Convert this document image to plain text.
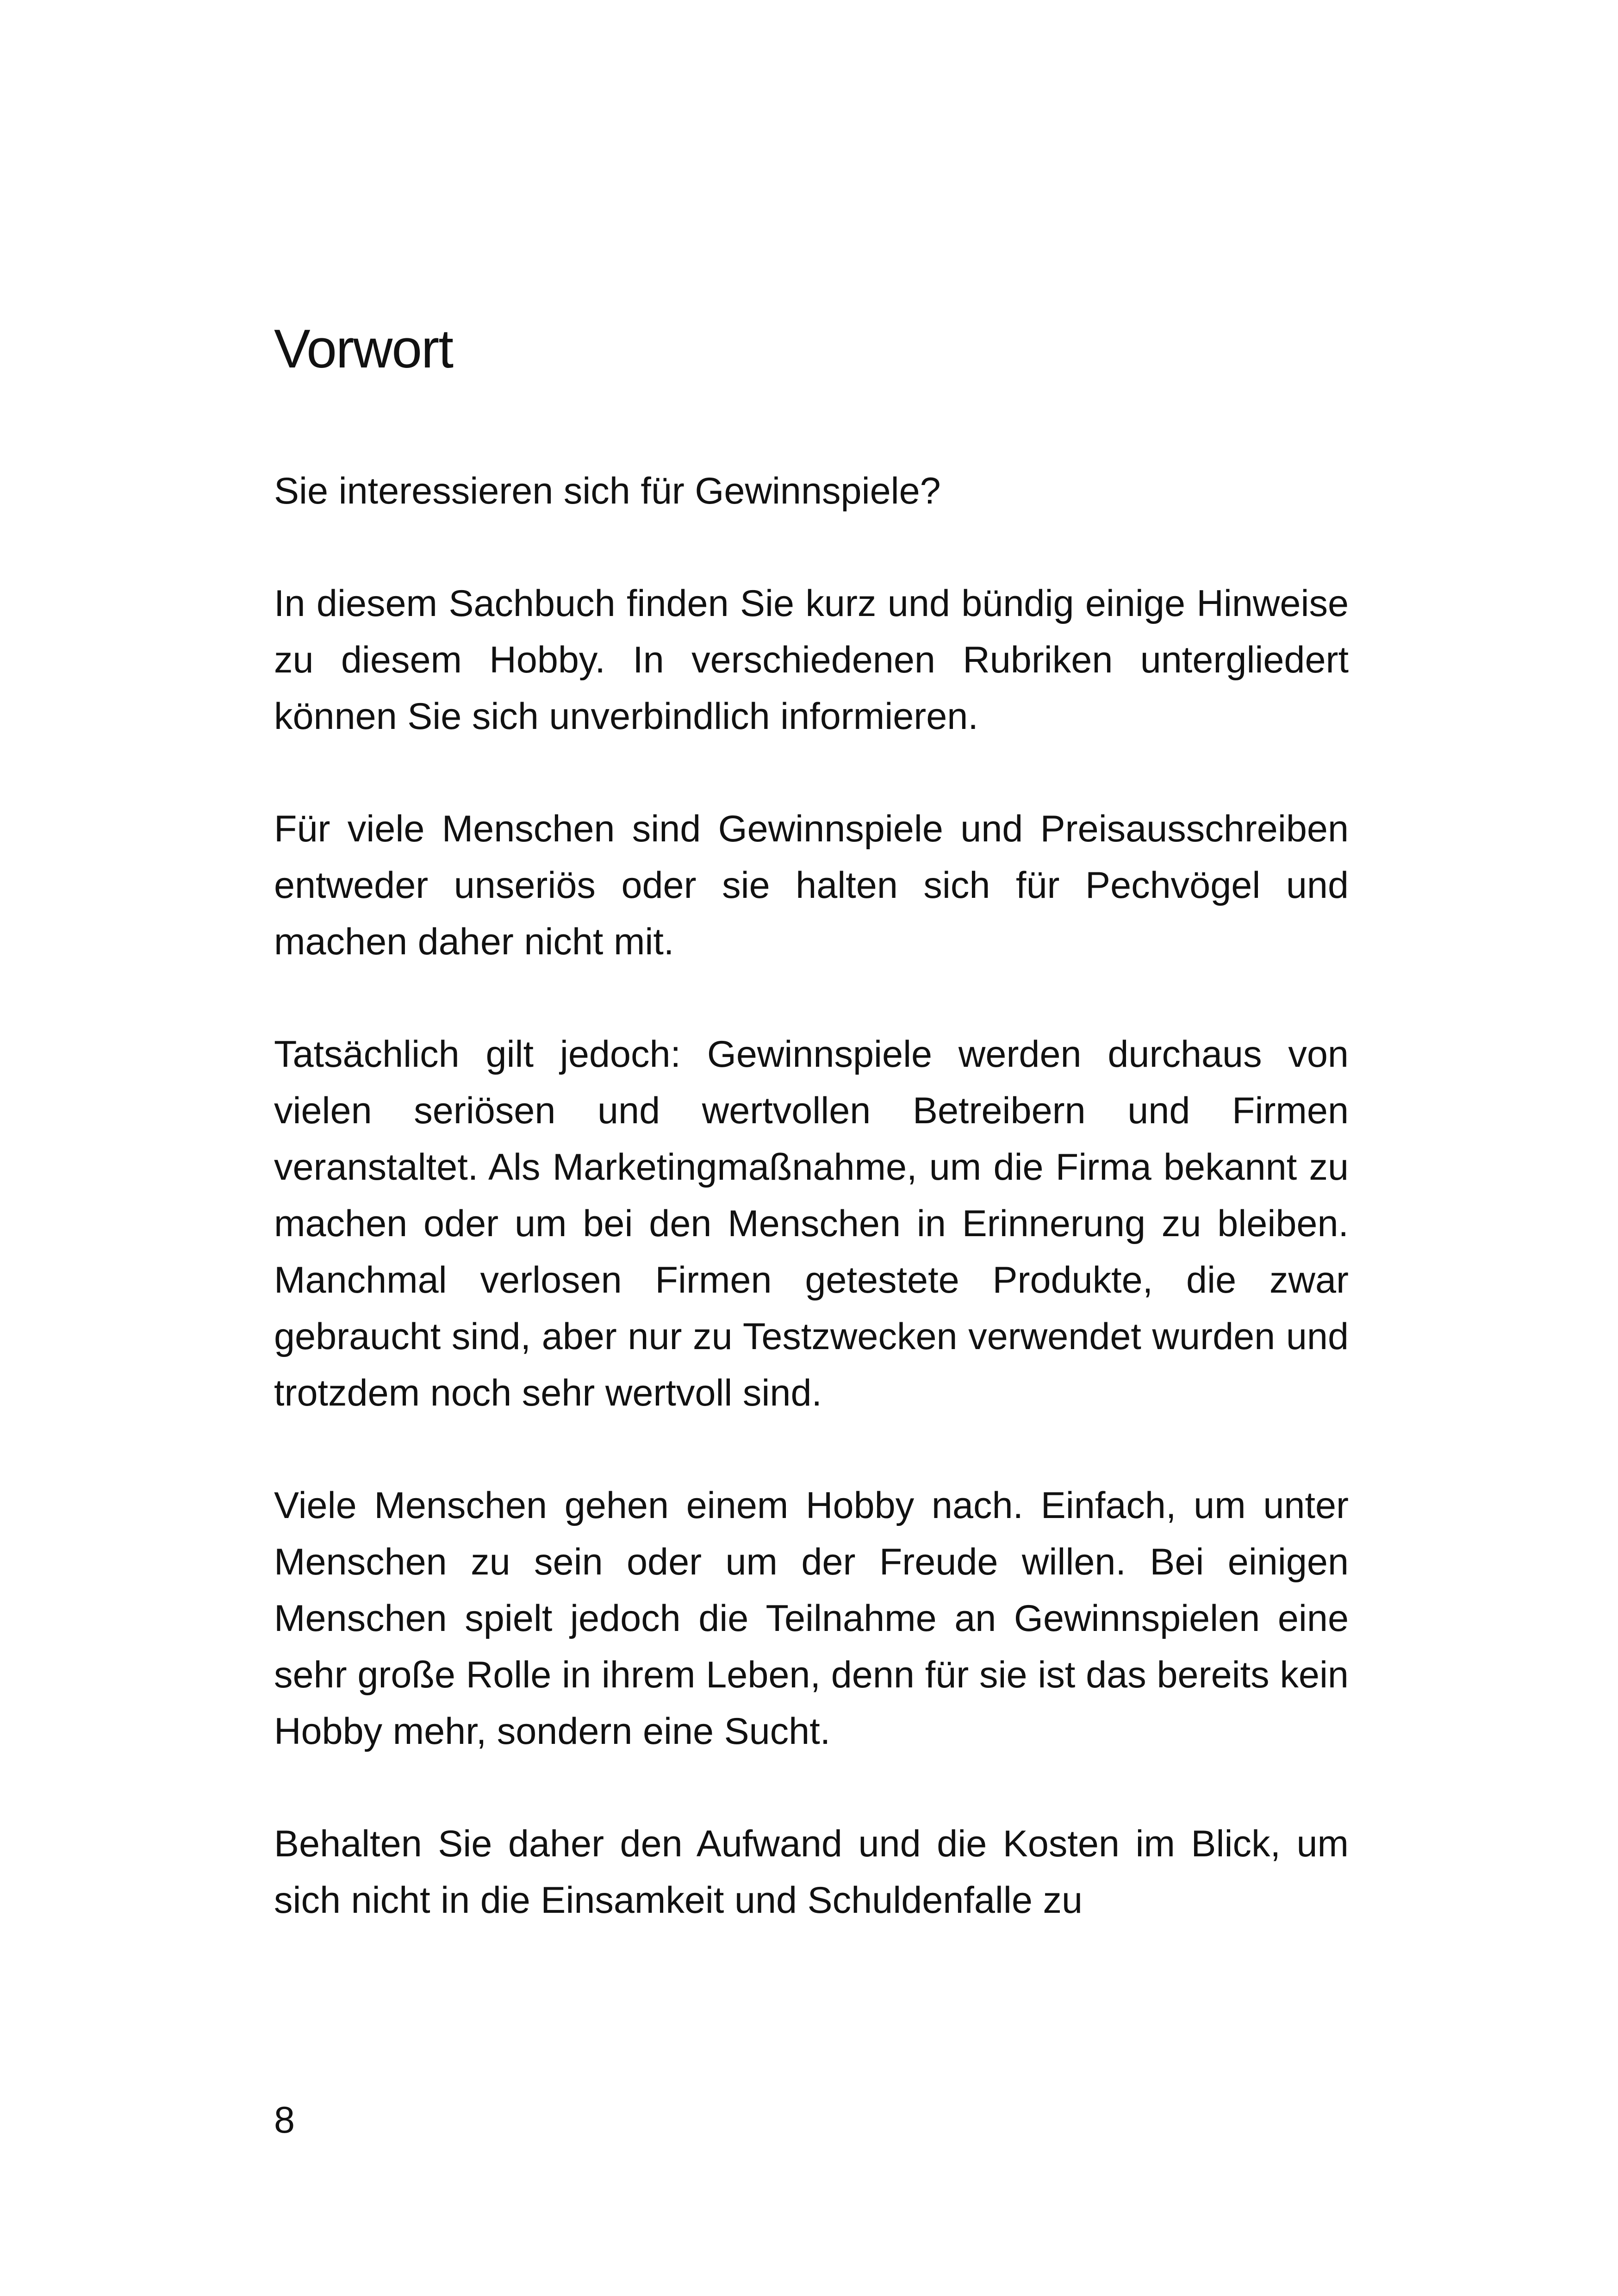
Vorwort

Sie interessieren sich für Gewinnspiele?

In diesem Sachbuch finden Sie kurz und bündig einige Hinweise zu diesem Hobby. In verschiedenen Rubriken untergliedert können Sie sich unverbindlich informieren.

Für viele Menschen sind Gewinnspiele und Preisausschreiben entweder unseriös oder sie halten sich für Pechvögel und machen daher nicht mit.

Tatsächlich gilt jedoch: Gewinnspiele werden durchaus von vielen seriösen und wertvollen Betreibern und Firmen veranstaltet. Als Marketingmaßnahme, um die Firma bekannt zu machen oder um bei den Menschen in Erinnerung zu bleiben. Manchmal verlosen Firmen getestete Produkte, die zwar gebraucht sind, aber nur zu Testzwecken verwendet wurden und trotzdem noch sehr wertvoll sind.

Viele Menschen gehen einem Hobby nach. Einfach, um unter Menschen zu sein oder um der Freude willen. Bei einigen Menschen spielt jedoch die Teilnahme an Gewinnspielen eine sehr große Rolle in ihrem Leben, denn für sie ist das bereits kein Hobby mehr, sondern eine Sucht.

Behalten Sie daher den Aufwand und die Kosten im Blick, um sich nicht in die Einsamkeit und Schuldenfalle zu

8
